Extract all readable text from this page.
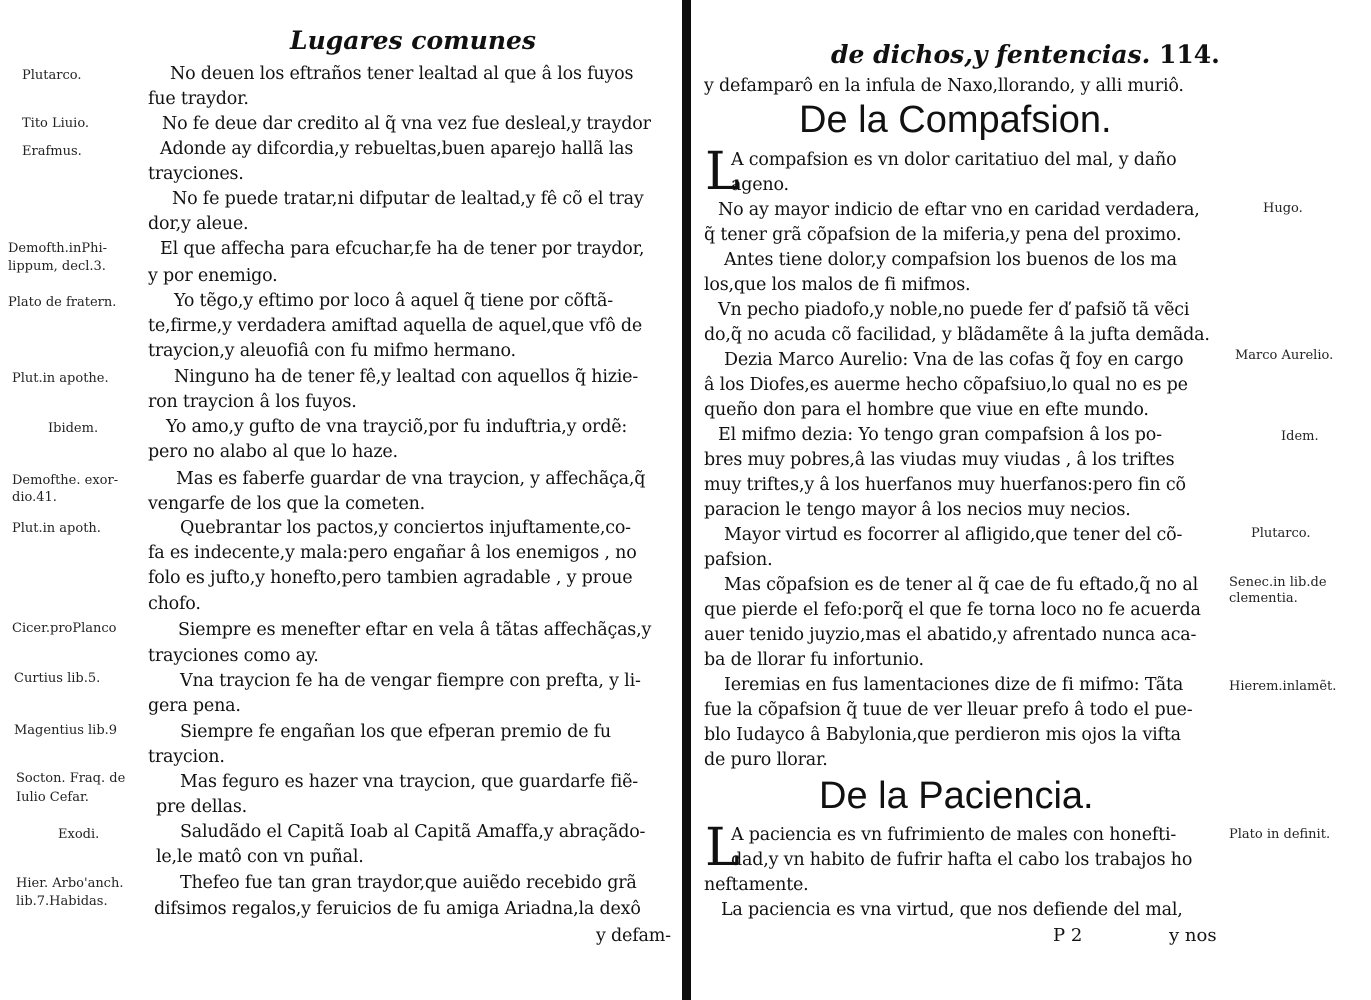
Lugares comunes
Plutarco.
Tito Liuio.
Erafmus.
Demofth.inPhi-
lippum, decl.3.
Plato de fratern.
Plut.in apothe.
Ibidem.
Demofthe. exor-
dio.41.
Plut.in apoth.
Cicer.proPlanco
Curtius lib.5.
Magentius lib.9
Socton. Fraq. de
Iulio Cefar.
Exodi.
Hier. Arbo'anch.
lib.7.Habidas.
No deuen los eftraños tener lealtad al que â los fuyos
fue traydor.
No fe deue dar credito al q̃ vna vez fue desleal,y traydor
Adonde ay difcordia,y rebueltas,buen aparejo hallã las
trayciones.
No fe puede tratar,ni difputar de lealtad,y fê cõ el tray
dor,y aleue.
El que affecha para efcuchar,fe ha de tener por traydor,
y por enemigo.
Yo tẽgo,y eftimo por loco â aquel q̃ tiene por cõftã-
te,firme,y verdadera amiftad aquella de aquel,que vfô de
traycion,y aleuofiâ con fu mifmo hermano.
Ninguno ha de tener fê,y lealtad con aquellos q̃ hizie-
ron traycion â los fuyos.
Yo amo,y gufto de vna trayciõ,por fu induftria,y ordẽ:
pero no alabo al que lo haze.
Mas es faberfe guardar de vna traycion, y affechãça,q̃
vengarfe de los que la cometen.
Quebrantar los pactos,y conciertos injuftamente,co-
fa es indecente,y mala:pero engañar â los enemigos , no
folo es jufto,y honefto,pero tambien agradable , y proue
chofo.
Siempre es menefter eftar en vela â tãtas affechãças,y
trayciones como ay.
Vna traycion fe ha de vengar fiempre con prefta, y li-
gera pena.
Siempre fe engañan los que efperan premio de fu
traycion.
Mas feguro es hazer vna traycion, que guardarfe fiẽ-
pre dellas.
Saludãdo el Capitã Ioab al Capitã Amaffa,y abraçãdo-
le,le matô con vn puñal.
Thefeo fue tan gran traydor,que auiẽdo recebido grã
difsimos regalos,y feruicios de fu amiga Ariadna,la dexô
y defam-
de dichos,y fentencias. 114.
y defamparô en la infula de Naxo,llorando, y alli muriô.
De la Compafsion.
L
A compafsion es vn dolor caritatiuo del mal, y daño
ageno.
No ay mayor indicio de eftar vno en caridad verdadera,
q̃ tener grã cõpafsion de la miferia,y pena del proximo.
Antes tiene dolor,y compafsion los buenos de los ma
los,que los malos de fi mifmos.
Vn pecho piadofo,y noble,no puede fer ď pafsiõ tã vẽci
do,q̃ no acuda cõ facilidad, y blãdamẽte â la jufta demãda.
Dezia Marco Aurelio: Vna de las cofas q̃ foy en cargo
â los Diofes,es auerme hecho cõpafsiuo,lo qual no es pe
queño don para el hombre que viue en efte mundo.
El mifmo dezia: Yo tengo gran compafsion â los po-
bres muy pobres,â las viudas muy viudas , â los triftes
muy triftes,y â los huerfanos muy huerfanos:pero fin cõ
paracion le tengo mayor â los necios muy necios.
Mayor virtud es focorrer al afligido,que tener del cõ-
pafsion.
Mas cõpafsion es de tener al q̃ cae de fu eftado,q̃ no al
que pierde el fefo:porq̃ el que fe torna loco no fe acuerda
auer tenido juyzio,mas el abatido,y afrentado nunca aca-
ba de llorar fu infortunio.
Ieremias en fus lamentaciones dize de fi mifmo: Tãta
fue la cõpafsion q̃ tuue de ver lleuar prefo â todo el pue-
blo Iudayco â Babylonia,que perdieron mis ojos la vifta
de puro llorar.
De la Paciencia.
L
A paciencia es vn fufrimiento de males con honefti-
dad,y vn habito de fufrir hafta el cabo los trabajos ho
neftamente.
La paciencia es vna virtud, que nos defiende del mal,
P 2	y nos
Hugo.
Marco Aurelio.
Idem.
Plutarco.
Senec.in lib.de
clementia.
Hierem.inlamẽt.
Plato in definit.
